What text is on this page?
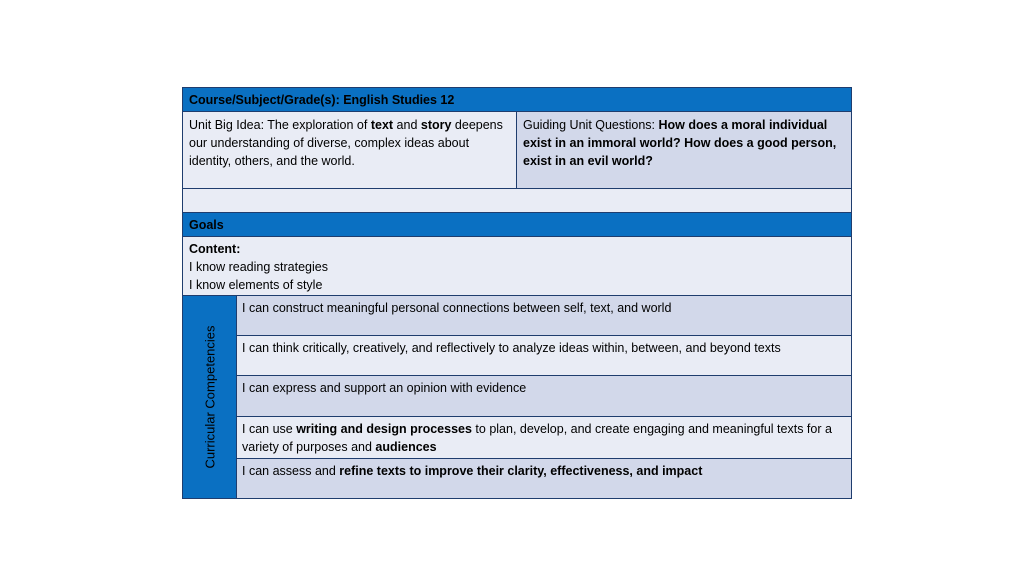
Course/Subject/Grade(s): English Studies 12
Unit Big Idea: The exploration of text and story deepens our understanding of diverse, complex ideas about identity, others, and the world.
Guiding Unit Questions: How does a moral individual exist in an immoral world? How does a good person, exist in an evil world?
Goals
Content:
I know reading strategies
I know elements of style
Curricular Competencies
I can construct meaningful personal connections between self, text, and world
I can think critically, creatively, and reflectively to analyze ideas within, between, and beyond texts
I can express and support an opinion with evidence
I can use writing and design processes to plan, develop, and create engaging and meaningful texts for a variety of purposes and audiences
I can assess and refine texts to improve their clarity, effectiveness, and impact
